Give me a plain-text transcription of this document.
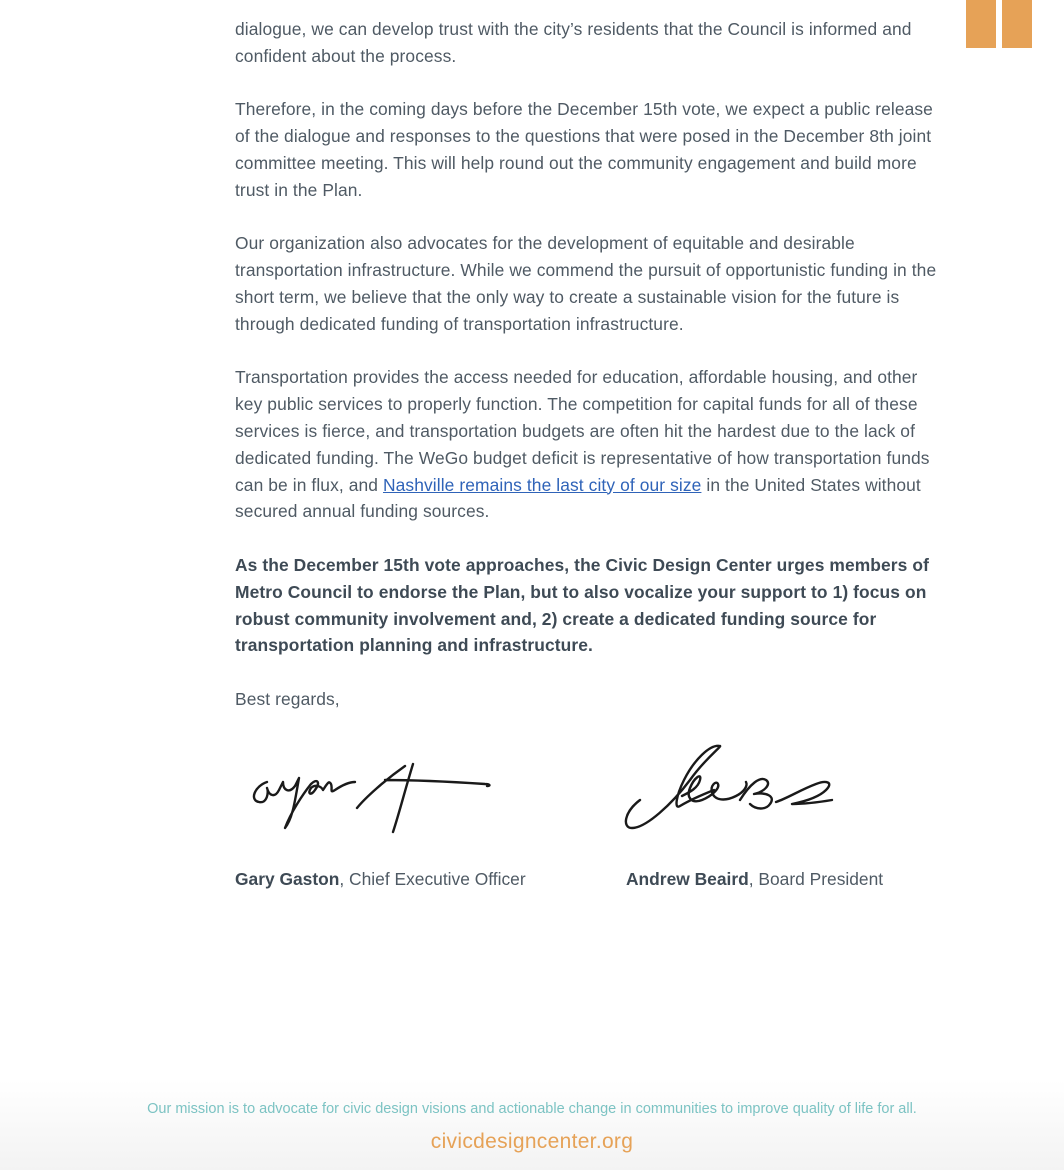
dialogue, we can develop trust with the city’s residents that the Council is informed and confident about the process.

Therefore, in the coming days before the December 15th vote, we expect a public release of the dialogue and responses to the questions that were posed in the December 8th joint committee meeting. This will help round out the community engagement and build more trust in the Plan.

Our organization also advocates for the development of equitable and desirable transportation infrastructure. While we commend the pursuit of opportunistic funding in the short term, we believe that the only way to create a sustainable vision for the future is through dedicated funding of transportation infrastructure.

Transportation provides the access needed for education, affordable housing, and other key public services to properly function. The competition for capital funds for all of these services is fierce, and transportation budgets are often hit the hardest due to the lack of dedicated funding. The WeGo budget deficit is representative of how transportation funds can be in flux, and Nashville remains the last city of our size in the United States without secured annual funding sources.

As the December 15th vote approaches, the Civic Design Center urges members of Metro Council to endorse the Plan, but to also vocalize your support to 1) focus on robust community involvement and, 2) create a dedicated funding source for transportation planning and infrastructure.

Best regards,

Gary Gaston, Chief Executive Officer	Andrew Beaird, Board President
Our mission is to advocate for civic design visions and actionable change in communities to improve quality of life for all.
civicdesigncenter.org
